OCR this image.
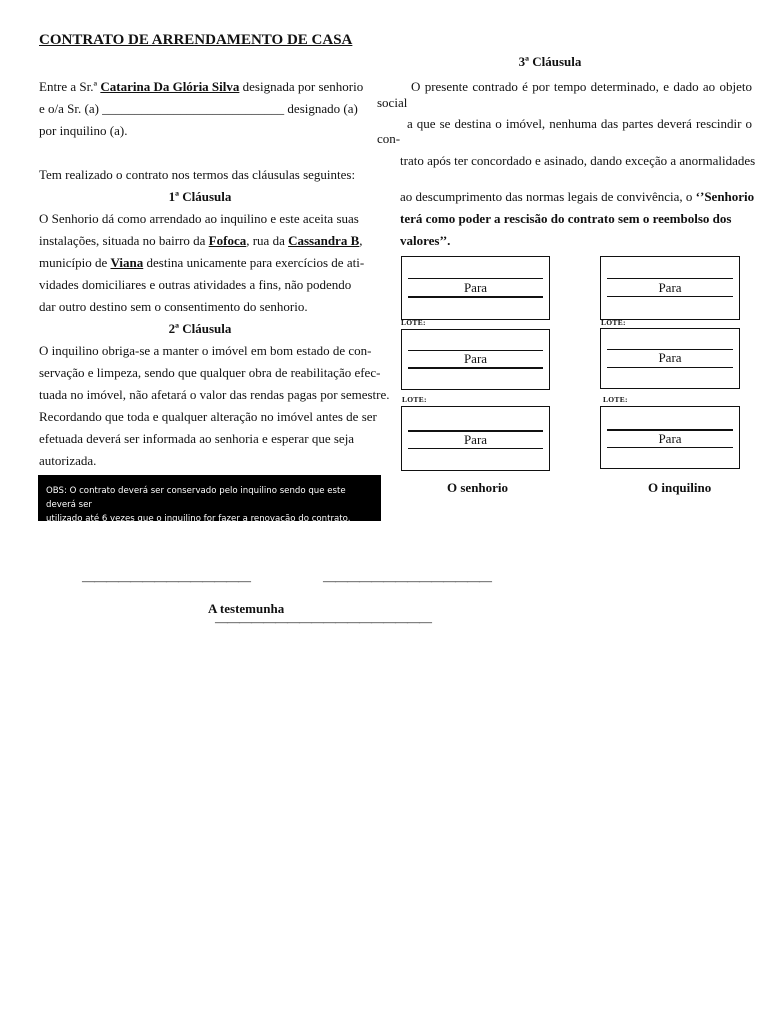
CONTRATO DE ARRENDAMENTO DE CASA
Entre a Sr.ª Catarina Da Glória Silva designada por senhorio
e o/a Sr. (a) ____________________________ designado (a)
por inquilino (a).
Tem realizado o contrato nos termos das cláusulas seguintes:
1ª Cláusula
O Senhorio dá como arrendado ao inquilino e este aceita suas
instalações, situada no bairro da Fofoca, rua da Cassandra B,
município de Viana destina unicamente para exercícios de ati-
vidades domiciliares e outras atividades a fins, não podendo
dar outro destino sem o consentimento do senhorio.
2ª Cláusula
O inquilino obriga-se a manter o imóvel em bom estado de con-
servação e limpeza, sendo que qualquer obra de reabilitação efec-
tuada no imóvel, não afetará o valor das rendas pagas por semestre.
Recordando que toda e qualquer alteração no imóvel antes de ser
efetuada deverá ser informada ao senhoria e esperar que seja
autorizada.
OBS: O contrato deverá ser conservado pelo inquilino sendo que este deverá ser
utilizado até 6 vezes que o inquilino for fazer a renovação do contrato.
3ª Cláusula
O presente contrado é por tempo determinado, e dado ao objeto
social
a que se destina o imóvel, nenhuma das partes deverá rescindir o
con-
trato após ter concordado e asinado, dando exceção a anormalidades
ao descumprimento das normas legais de convivência, o ‘’Senhorio
terá como poder a rescisão do contrato sem o reembolso dos
valores’’.
Para
LOTE:
Para
LOTE:
Para
O senhorio
Para
LOTE:
Para
LOTE:
Para
O inquilino
——————————————	——————————————
A testemunha
——————————————————
